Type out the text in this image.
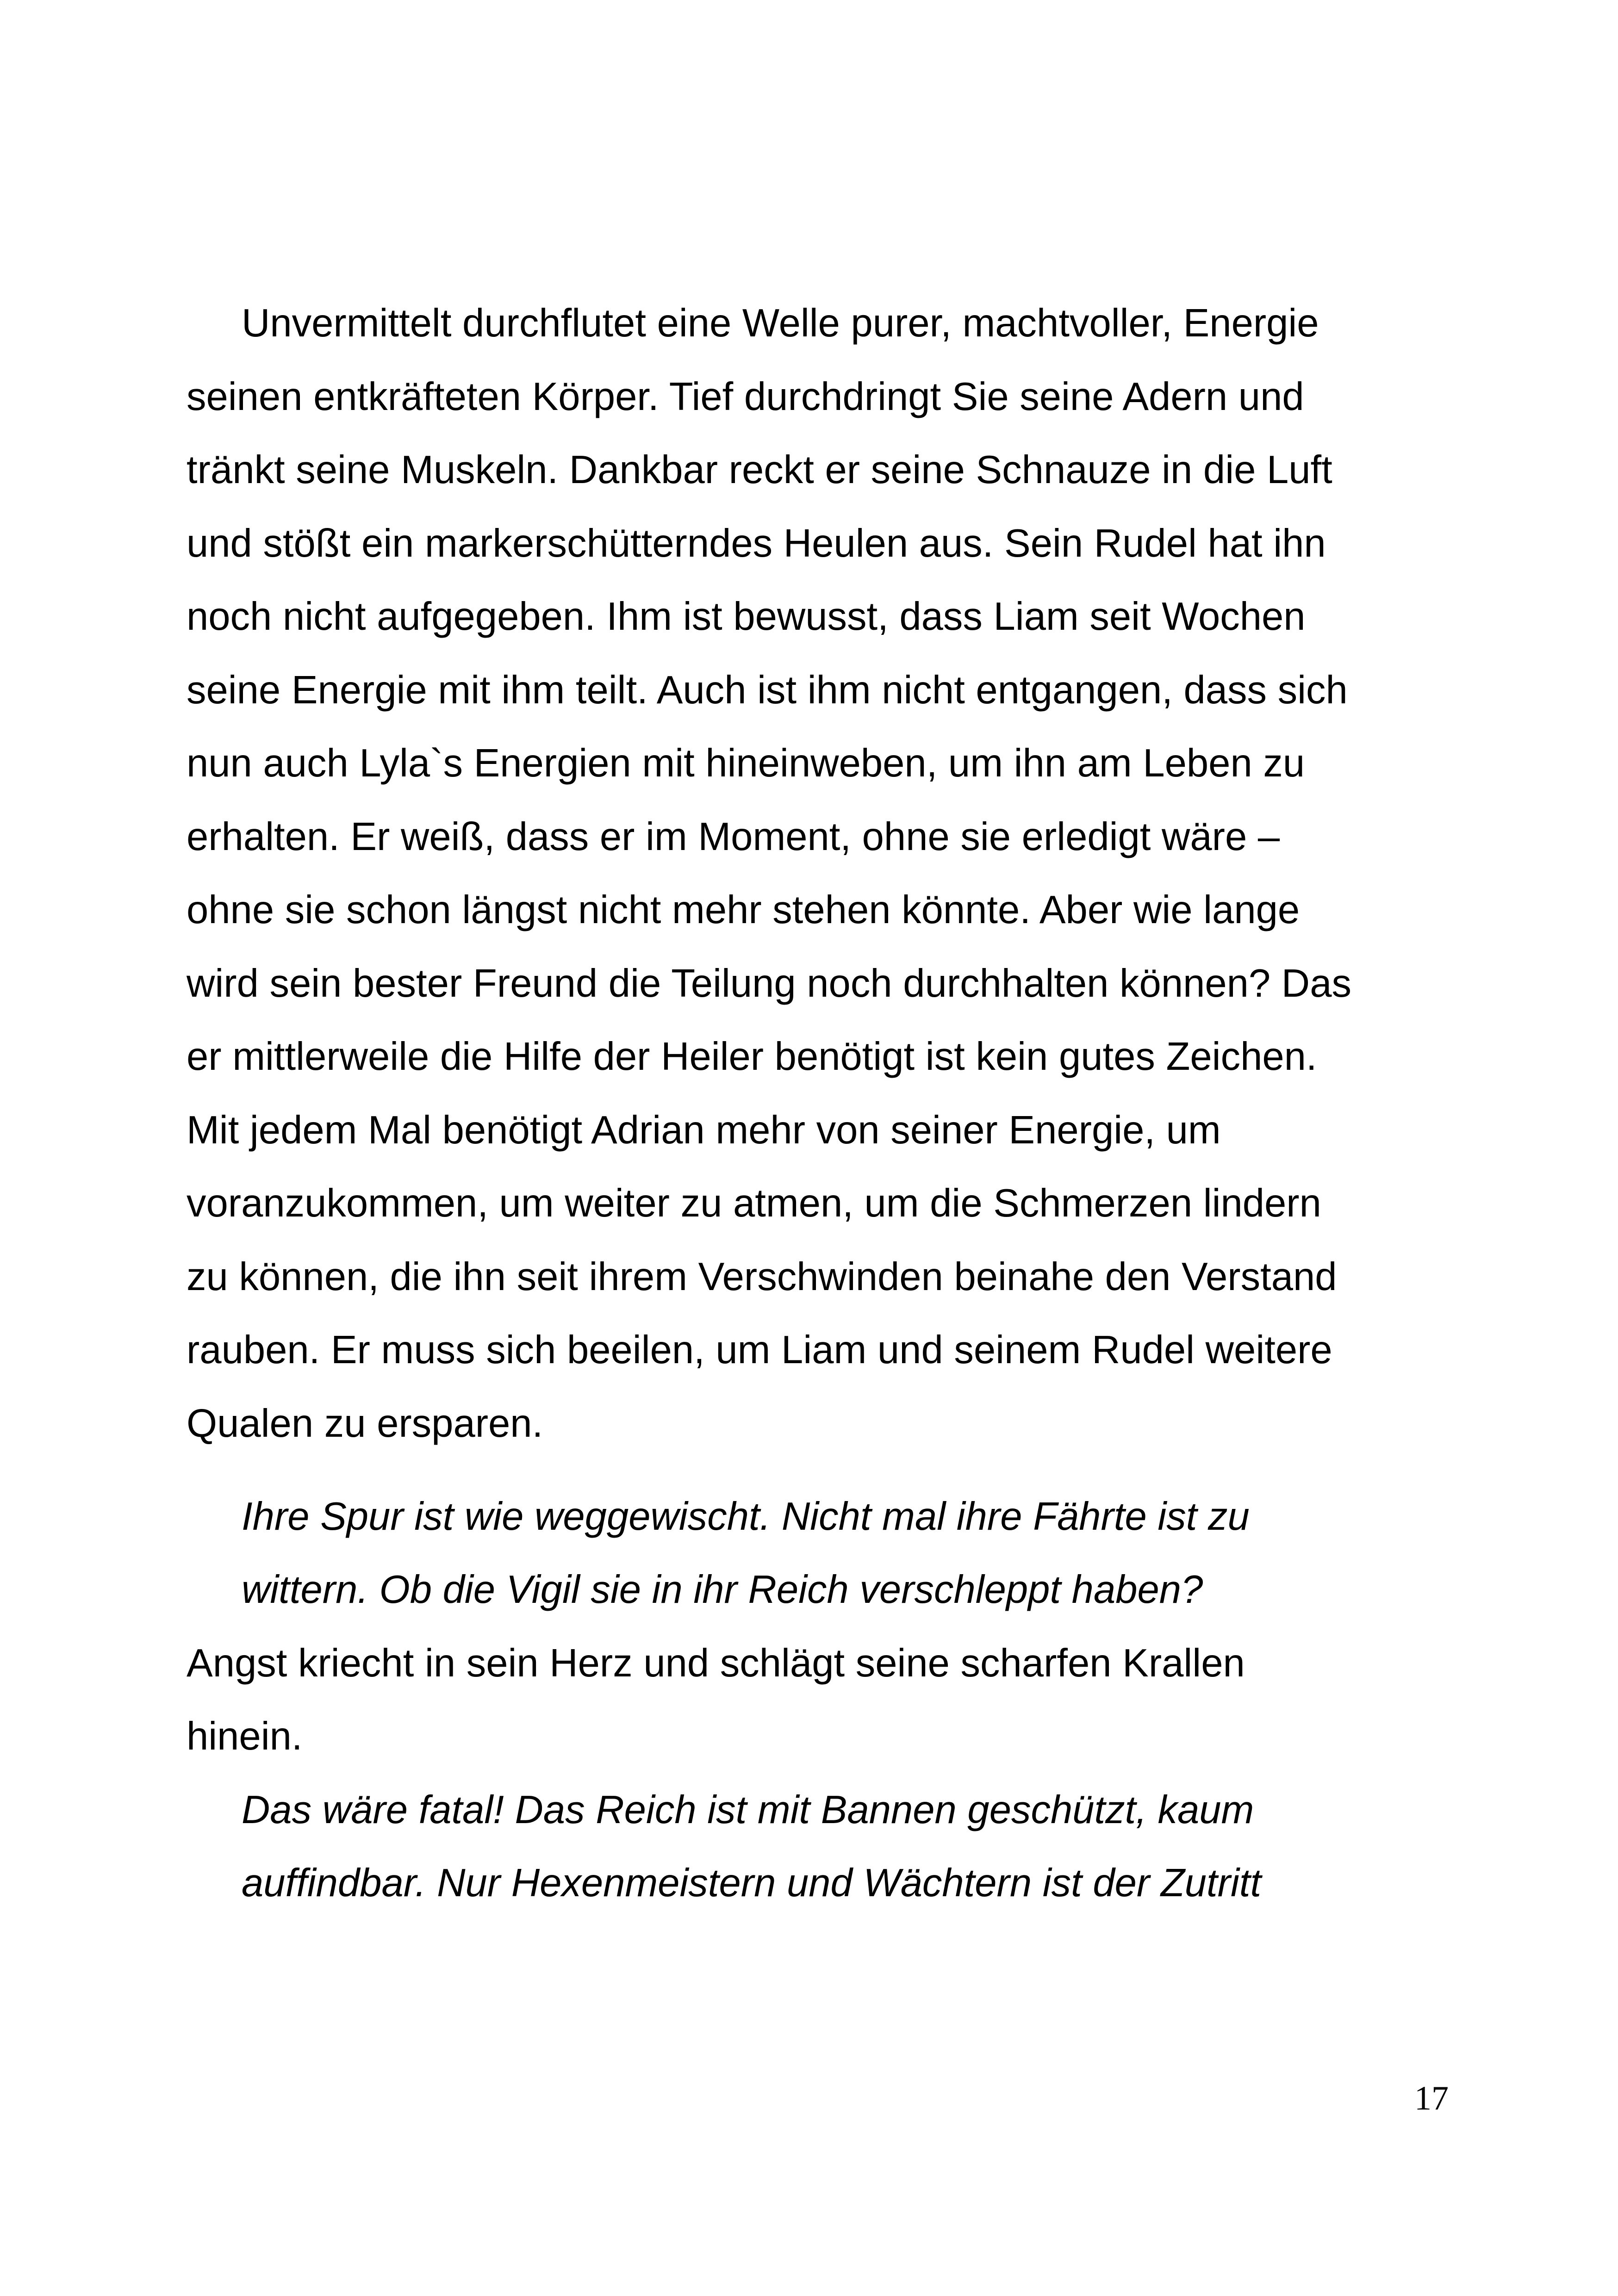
Unvermittelt durchflutet eine Welle purer, machtvoller, Energie
seinen entkräfteten Körper. Tief durchdringt Sie seine Adern und
tränkt seine Muskeln. Dankbar reckt er seine Schnauze in die Luft
und stößt ein markerschütterndes Heulen aus. Sein Rudel hat ihn
noch nicht aufgegeben. Ihm ist bewusst, dass Liam seit Wochen
seine Energie mit ihm teilt. Auch ist ihm nicht entgangen, dass sich
nun auch Lyla`s Energien mit hineinweben, um ihn am Leben zu
erhalten. Er weiß, dass er im Moment, ohne sie erledigt wäre –
ohne sie schon längst nicht mehr stehen könnte. Aber wie lange
wird sein bester Freund die Teilung noch durchhalten können? Das
er mittlerweile die Hilfe der Heiler benötigt ist kein gutes Zeichen.
Mit jedem Mal benötigt Adrian mehr von seiner Energie, um
voranzukommen, um weiter zu atmen, um die Schmerzen lindern
zu können, die ihn seit ihrem Verschwinden beinahe den Verstand
rauben. Er muss sich beeilen, um Liam und seinem Rudel weitere
Qualen zu ersparen.
Ihre Spur ist wie weggewischt. Nicht mal ihre Fährte ist zu
wittern. Ob die Vigil sie in ihr Reich verschleppt haben?
Angst kriecht in sein Herz und schlägt seine scharfen Krallen
hinein.
Das wäre fatal! Das Reich ist mit Bannen geschützt, kaum
auffindbar. Nur Hexenmeistern und Wächtern ist der Zutritt
17
